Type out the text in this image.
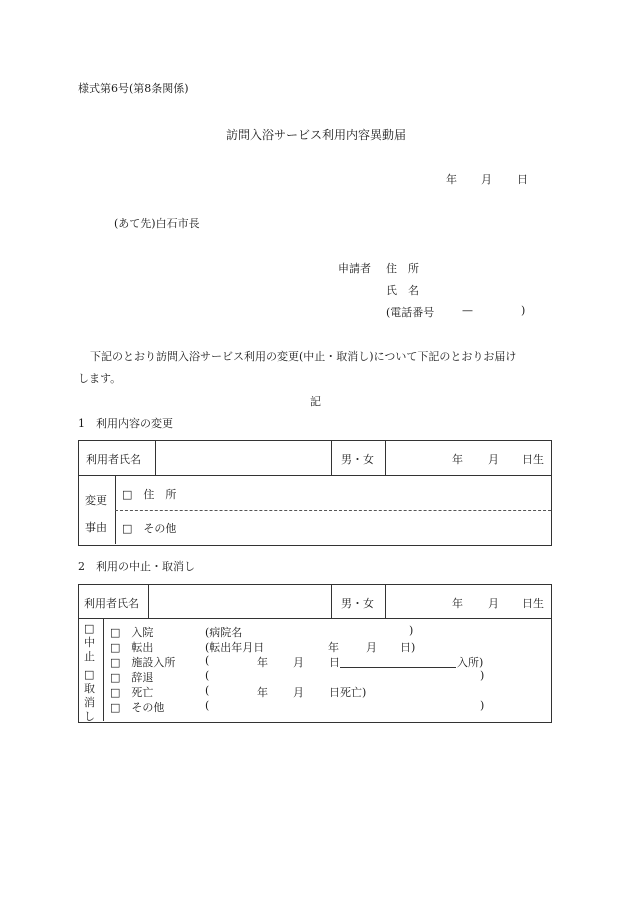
様式第6号(第8条関係)
訪問入浴サービス利用内容異動届
年 月 日
(あて先)白石市長
申請者 住　所
氏　名
(電話番号	—	)
下記のとおり訪問入浴サービス利用の変更(中止・取消し)について下記のとおりお届け
します。
記
1　利用内容の変更
利用者氏名	男・女	年 月 日生
変更
事由
□　住　所
□　その他
2　利用の中止・取消し
利用者氏名	男・女	年 月 日生
□
中
止
□
取
消
し
□　入院	(病院名	)
□　転出	(転出年月日	年 月 日)
□　施設入所	(	年 月 日	入所)
□　辞退	(	)
□　死亡	(	年 月 日死亡)
□　その他	(	)
